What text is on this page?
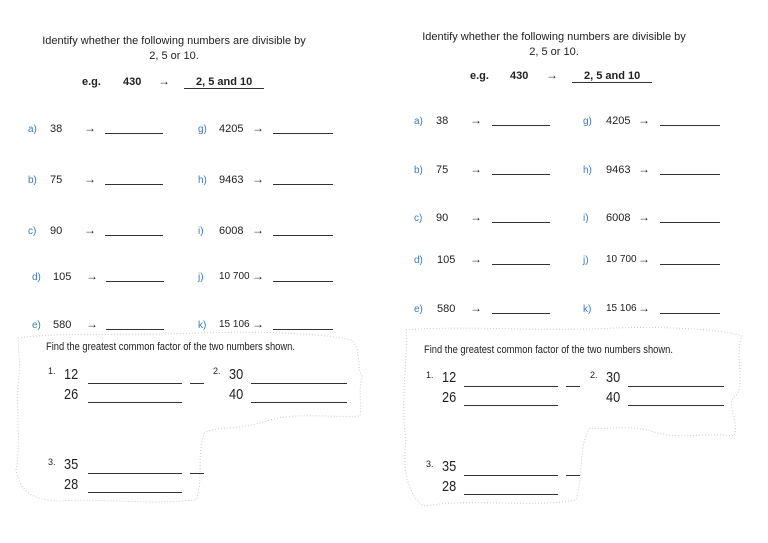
Identify whether the following numbers are divisible by
2, 5 or 10.
e.g. 430 → 2, 5 and 10
a) 38 →
b) 75 →
c) 90 →
d) 105 →
e) 580 →
g) 4205 →
h) 9463 →
i) 6008 →
j) 10 700 →
k) 15 106 →
Find the greatest common factor of the two numbers shown.
1. 12
26
2. 30
40
3. 35
28
Identify whether the following numbers are divisible by
2, 5 or 10.
e.g. 430 → 2, 5 and 10
a) 38 →
b) 75 →
c) 90 →
d) 105 →
e) 580 →
g) 4205 →
h) 9463 →
i) 6008 →
j) 10 700 →
k) 15 106 →
Find the greatest common factor of the two numbers shown.
1. 12
26
2. 30
40
3. 35
28
